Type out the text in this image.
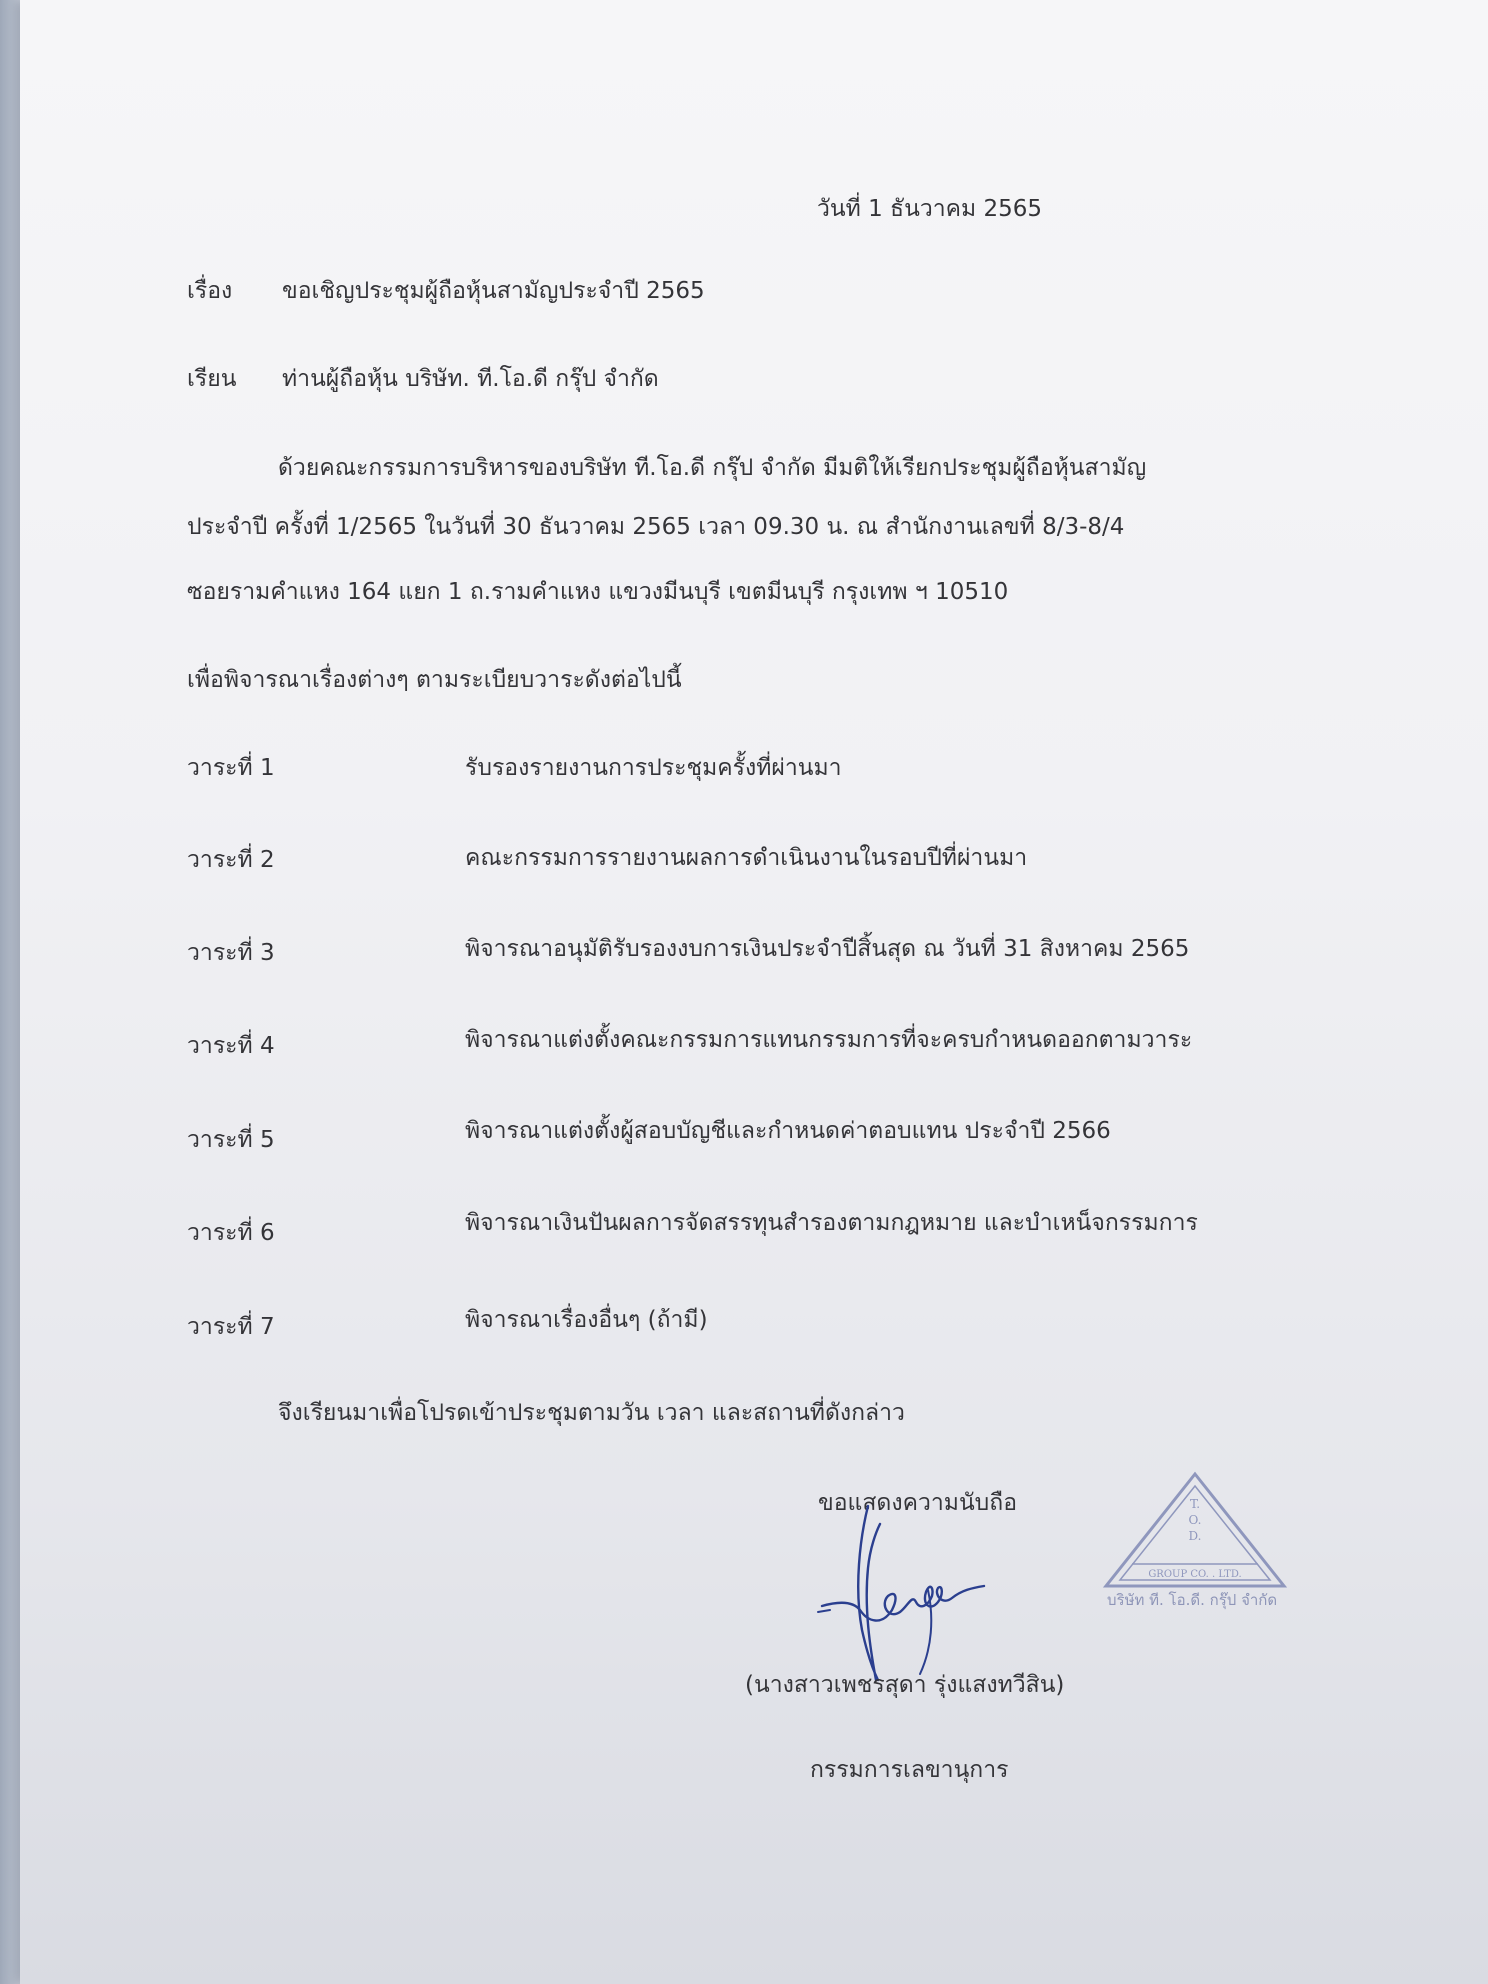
วันที่ 1 ธันวาคม 2565
เรื่อง ขอเชิญประชุมผู้ถือหุ้นสามัญประจำปี 2565
เรียน ท่านผู้ถือหุ้น บริษัท. ที.โอ.ดี กรุ๊ป จำกัด
ด้วยคณะกรรมการบริหารของบริษัท ที.โอ.ดี กรุ๊ป จำกัด มีมติให้เรียกประชุมผู้ถือหุ้นสามัญ
ประจำปี ครั้งที่ 1/2565 ในวันที่ 30 ธันวาคม 2565 เวลา 09.30 น. ณ สำนักงานเลขที่ 8/3-8/4
ซอยรามคำแหง 164 แยก 1 ถ.รามคำแหง แขวงมีนบุรี เขตมีนบุรี กรุงเทพ ฯ 10510
เพื่อพิจารณาเรื่องต่างๆ ตามระเบียบวาระดังต่อไปนี้
วาระที่ 1	รับรองรายงานการประชุมครั้งที่ผ่านมา
วาระที่ 2	คณะกรรมการรายงานผลการดำเนินงานในรอบปีที่ผ่านมา
วาระที่ 3	พิจารณาอนุมัติรับรองงบการเงินประจำปีสิ้นสุด ณ วันที่ 31 สิงหาคม 2565
วาระที่ 4	พิจารณาแต่งตั้งคณะกรรมการแทนกรรมการที่จะครบกำหนดออกตามวาระ
วาระที่ 5	พิจารณาแต่งตั้งผู้สอบบัญชีและกำหนดค่าตอบแทน ประจำปี 2566
วาระที่ 6	พิจารณาเงินปันผลการจัดสรรทุนสำรองตามกฎหมาย และบำเหน็จกรรมการ
วาระที่ 7	พิจารณาเรื่องอื่นๆ (ถ้ามี)
จึงเรียนมาเพื่อโปรดเข้าประชุมตามวัน เวลา และสถานที่ดังกล่าว
ขอแสดงความนับถือ	T.
O.
D.
GROUP CO. . LTD.
บริษัท ที. โอ.ดี. กรุ๊ป จำกัด
(นางสาวเพชรสุดา รุ่งแสงทวีสิน)
กรรมการเลขานุการ
